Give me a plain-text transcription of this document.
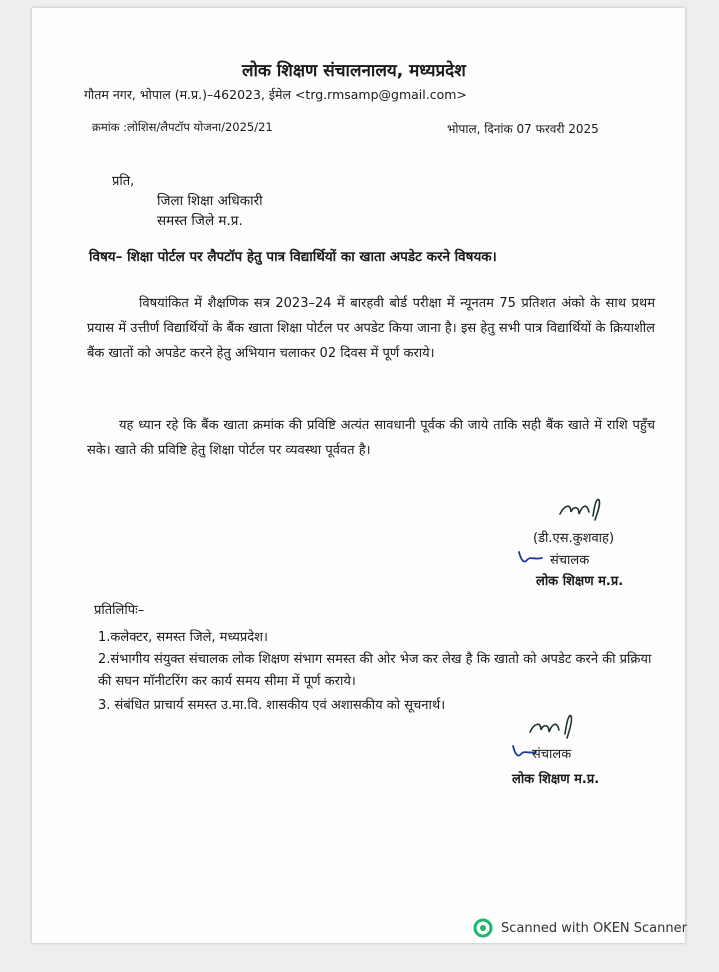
लोक शिक्षण संचालनालय, मध्यप्रदेश
गौतम नगर, भोपाल (म.प्र.)–462023, ईमेल <trg.rmsamp@gmail.com>
क्रमांक :लोशिस/लैपटॉप योजना/2025/21	भोपाल, दिनांक 07 फरवरी 2025
प्रति,
जिला शिक्षा अधिकारी
समस्त जिले म.प्र.
विषय– शिक्षा पोर्टल पर लैपटॉप हेतु पात्र विद्यार्थियों का खाता अपडेट करने विषयक।
विषयांकित में शैक्षणिक सत्र 2023–24 में बारहवी बोर्ड परीक्षा में न्यूनतम 75 प्रतिशत अंको के साथ प्रथम प्रयास में उत्तीर्ण विद्यार्थियों के बैंक खाता शिक्षा पोर्टल पर अपडेट किया जाना है। इस हेतु सभी पात्र विद्यार्थियों के क्रियाशील बैंक खातों को अपडेट करने हेतु अभियान चलाकर 02 दिवस में पूर्ण कराये।
यह ध्यान रहे कि बैंक खाता क्रमांक की प्रविष्टि अत्यंत सावधानी पूर्वक की जाये ताकि सही बैंक खाते में राशि पहुँच सके। खाते की प्रविष्टि हेतु शिक्षा पोर्टल पर व्यवस्था पूर्ववत है।
(डी.एस.कुशवाह)
संचालक
लोक शिक्षण म.प्र.
प्रतिलिपिः–
1.कलेक्टर, समस्त जिले, मध्यप्रदेश।
2.संभागीय संयुक्त संचालक लोक शिक्षण संभाग समस्त की ओर भेज कर लेख है कि खातो को अपडेट करने की प्रक्रिया की सघन मॉनीटरिंग कर कार्य समय सीमा में पूर्ण कराये।
3. संबंधित प्राचार्य समस्त उ.मा.वि. शासकीय एवं अशासकीय को सूचनार्थ।
संचालक
लोक शिक्षण म.प्र.
Scanned with OKEN Scanner
